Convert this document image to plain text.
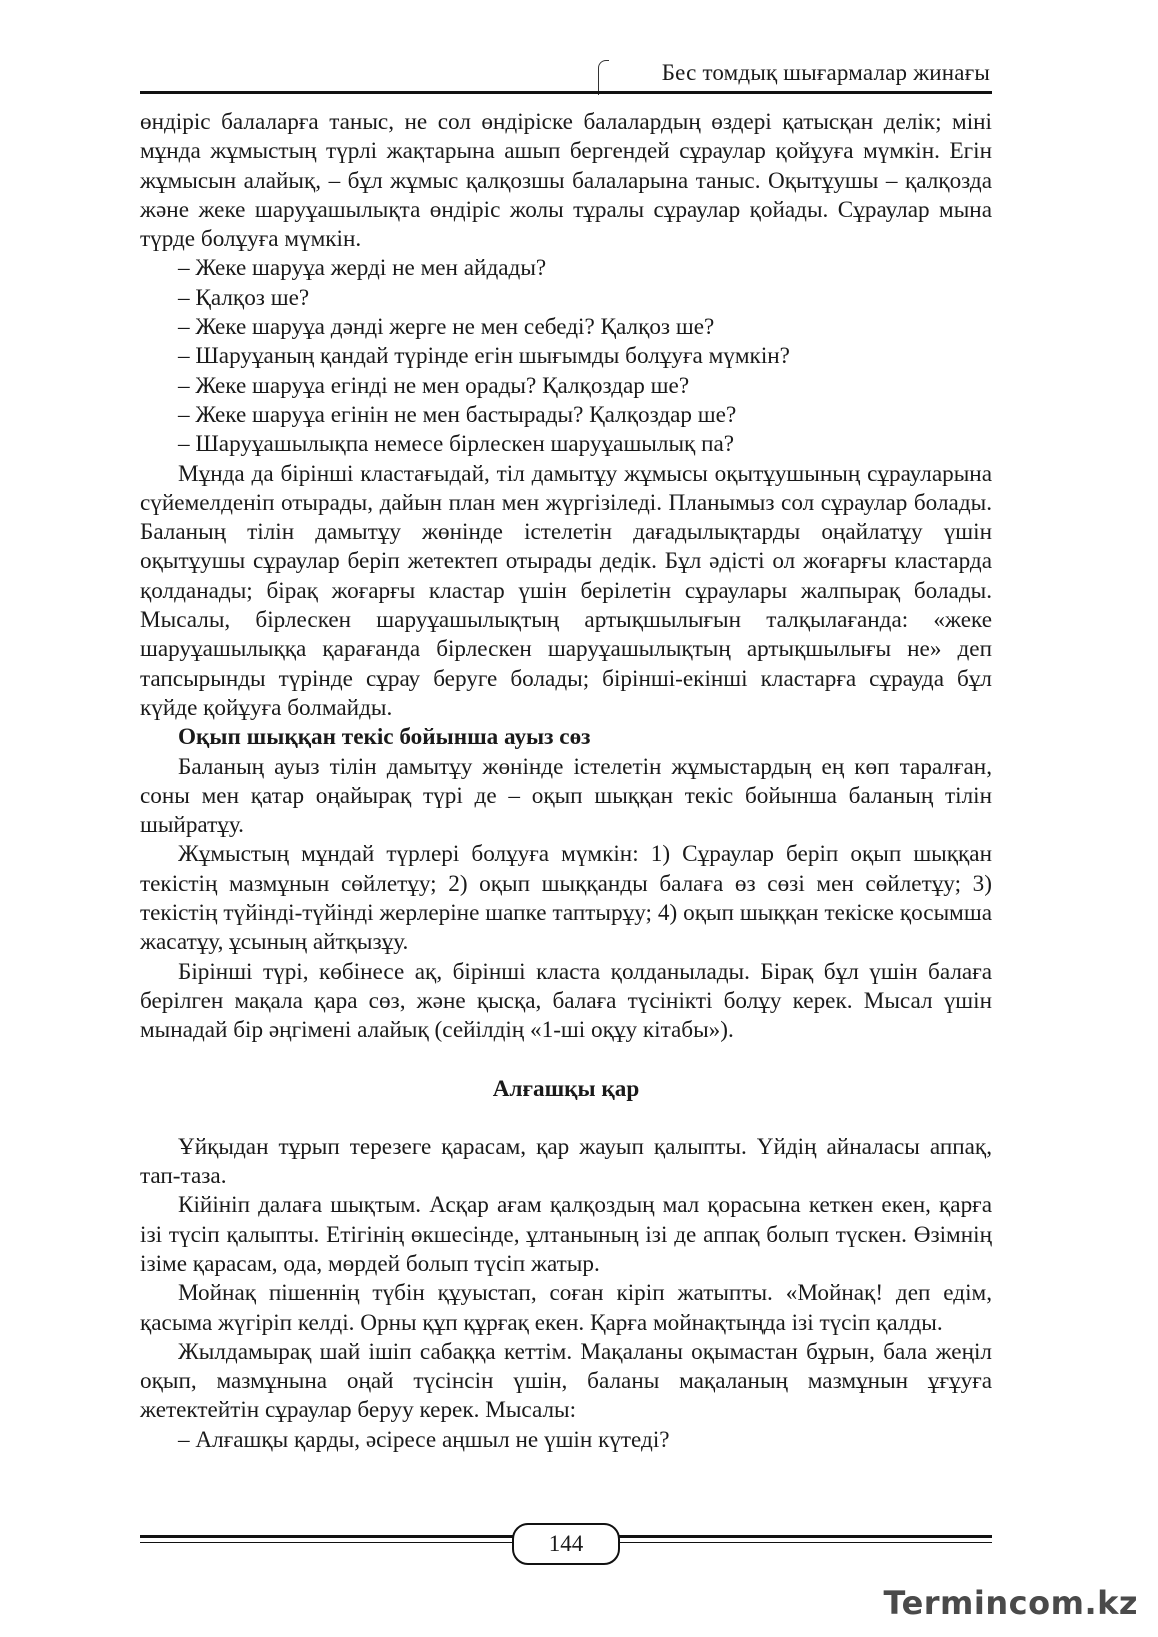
Бес томдық шығармалар жинағы

өндіріс балаларға таныс, не сол өндіріске балалардың өздері қатысқан делік; міні мұнда жұмыстың түрлі жақтарына ашып бергендей сұраулар қойұуға мүмкін. Егін жұмысын алайық, – бұл жұмыс қалқозшы балаларына таныс. Оқытұушы – қалқозда және жеке шаруұашылықта өндіріс жолы тұралы сұраулар қойады. Сұраулар мына түрде болұуға мүмкін.

– Жеке шаруұа жерді не мен айдады?
– Қалқоз ше?
– Жеке шаруұа дәнді жерге не мен себеді? Қалқоз ше?
– Шаруұаның қандай түрінде егін шығымды болұуға мүмкін?
– Жеке шаруұа егінді не мен орады? Қалқоздар ше?
– Жеке шаруұа егінін не мен бастырады? Қалқоздар ше?
– Шаруұашылықпа немесе бірлескен шаруұашылық па?

Мұнда да бірінші кластағыдай, тіл дамытұу жұмысы оқытұушының сұрауларына сүйемелденіп отырады, дайын план мен жүргізіледі. Планымыз сол сұраулар болады. Баланың тілін дамытұу жөнінде істелетін дағадылықтарды оңайлатұу үшін оқытұушы сұраулар беріп жетектеп отырады дедік. Бұл әдісті ол жоғарғы кластарда қолданады; бірақ жоғарғы кластар үшін берілетін сұраулары жалпырақ болады. Мысалы, бірлескен шаруұашылықтың артықшылығын талқылағанда: «жеке шаруұашылыққа қарағанда бірлескен шаруұашылықтың артықшылығы не» деп тапсырынды түрінде сұрау беруге болады; бірінші-екінші кластарға сұрауда бұл күйде қойұуға болмайды.

Оқып шыққан текіс бойынша ауыз сөз

Баланың ауыз тілін дамытұу жөнінде істелетін жұмыстардың ең көп таралған, соны мен қатар оңайырақ түрі де – оқып шыққан текіс бойынша баланың тілін шыйратұу.

Жұмыстың мұндай түрлері болұуға мүмкін: 1) Сұраулар беріп оқып шыққан текістің мазмұнын сөйлетұу; 2) оқып шыққанды балаға өз сөзі мен сөйлетұу; 3) текістің түйінді-түйінді жерлеріне шапке таптырұу; 4) оқып шыққан текіске қосымша жасатұу, ұсының айтқызұу.

Бірінші түрі, көбінесе ақ, бірінші класта қолданылады. Бірақ бұл үшін балаға берілген мақала қара сөз, және қысқа, балаға түсінікті болұу керек. Мысал үшін мынадай бір әңгімені алайық (сейілдің «1-ші оқұу кітабы»).

Алғашқы қар

Ұйқыдан тұрып терезеге қарасам, қар жауып қалыпты. Үйдің айналасы аппақ, тап-таза.

Кійініп далаға шықтым. Асқар ағам қалқоздың мал қорасына кеткен екен, қарға ізі түсіп қалыпты. Етігінің өкшесінде, ұлтанының ізі де аппақ болып түскен. Өзімнің ізіме қарасам, ода, мөрдей болып түсіп жатыр.

Мойнақ пішеннің түбін құуыстап, соған кіріп жатыпты. «Мойнақ! деп едім, қасыма жүгіріп келді. Орны құп құрғақ екен. Қарға мойнақтыңда ізі түсіп қалды.

Жылдамырақ шай ішіп сабаққа кеттім. Мақаланы оқымастан бұрын, бала жеңіл оқып, мазмұнына оңай түсінсін үшін, баланы мақаланың мазмұнын ұғұуға жетектейтін сұраулар беруу керек. Мысалы:

– Алғашқы қарды, әсіресе аңшыл не үшін күтеді?
144
Termincom.kz
